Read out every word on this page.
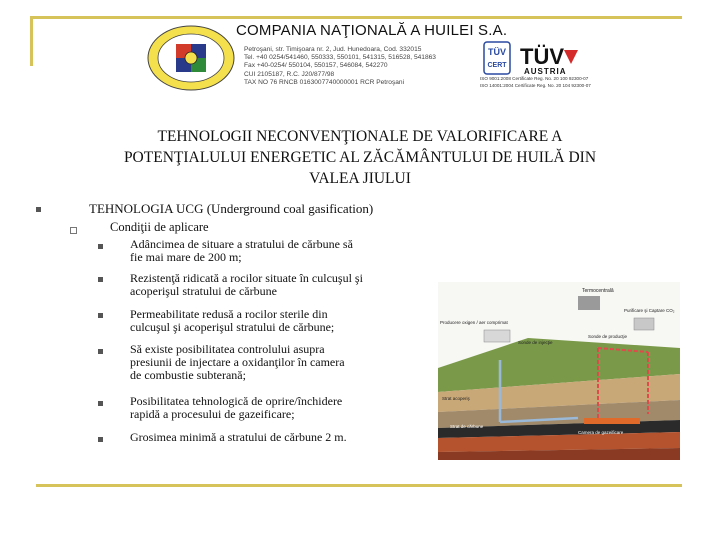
COMPANIA NAŢIONALĂ A HUILEI S.A.
Petroşani, str. Timişoara nr. 2, Jud. Hunedoara, Cod. 332015
Tel. +40 0254/541460, 550333, 550101, 541315, 516528, 541863
Fax +40-0254/ 550104, 550157, 546084, 542270
CUI 2105187, R.C. J20/877/98
TAX NO 76 RNCB 0163007740000001 RCR Petroşani
TÜV
CERT TÜV
AUSTRIA
ISO 9001:2008 Certificate Reg. No. 20 100 92300-07
ISO 14001:2004 Certificate Reg. No. 20 104 92300-07
TEHNOLOGII NECONVENŢIONALE DE VALORIFICARE A
POTENŢIALULUI ENERGETIC AL ZĂCĂMÂNTULUI DE HUILĂ DIN
VALEA JIULUI
TEHNOLOGIA UCG (Underground coal gasification)
Condiţii de aplicare
Adâncimea de situare a stratului de cărbune să
fie mai mare de 200 m;
Rezistenţă ridicată a rocilor situate în culcuşul şi
acoperişul stratului de cărbune
Permeabilitate redusă a rocilor sterile din
culcuşul şi acoperişul stratului de cărbune;
Să existe posibilitatea controlului asupra
presiunii de injectare a oxidanţilor în camera
de combustie subterană;
Posibilitatea tehnologică de oprire/închidere
rapidă a procesului de gazeificare;
Grosimea minimă a stratului de cărbune 2 m.
Termocentrală
Purificare şi Captare CO₂
Producere oxigen / aer comprimat
Sonde de injecţie
Sonde de producţie
Strat acoperiş
Strat de cărbune
Camera de gazeificare
